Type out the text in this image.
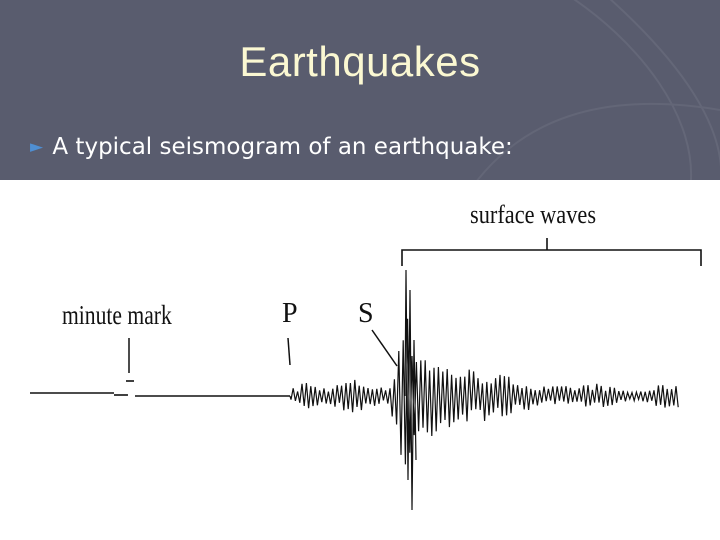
Earthquakes
► A typical seismogram of an earthquake:
surface waves
minute mark	P S
